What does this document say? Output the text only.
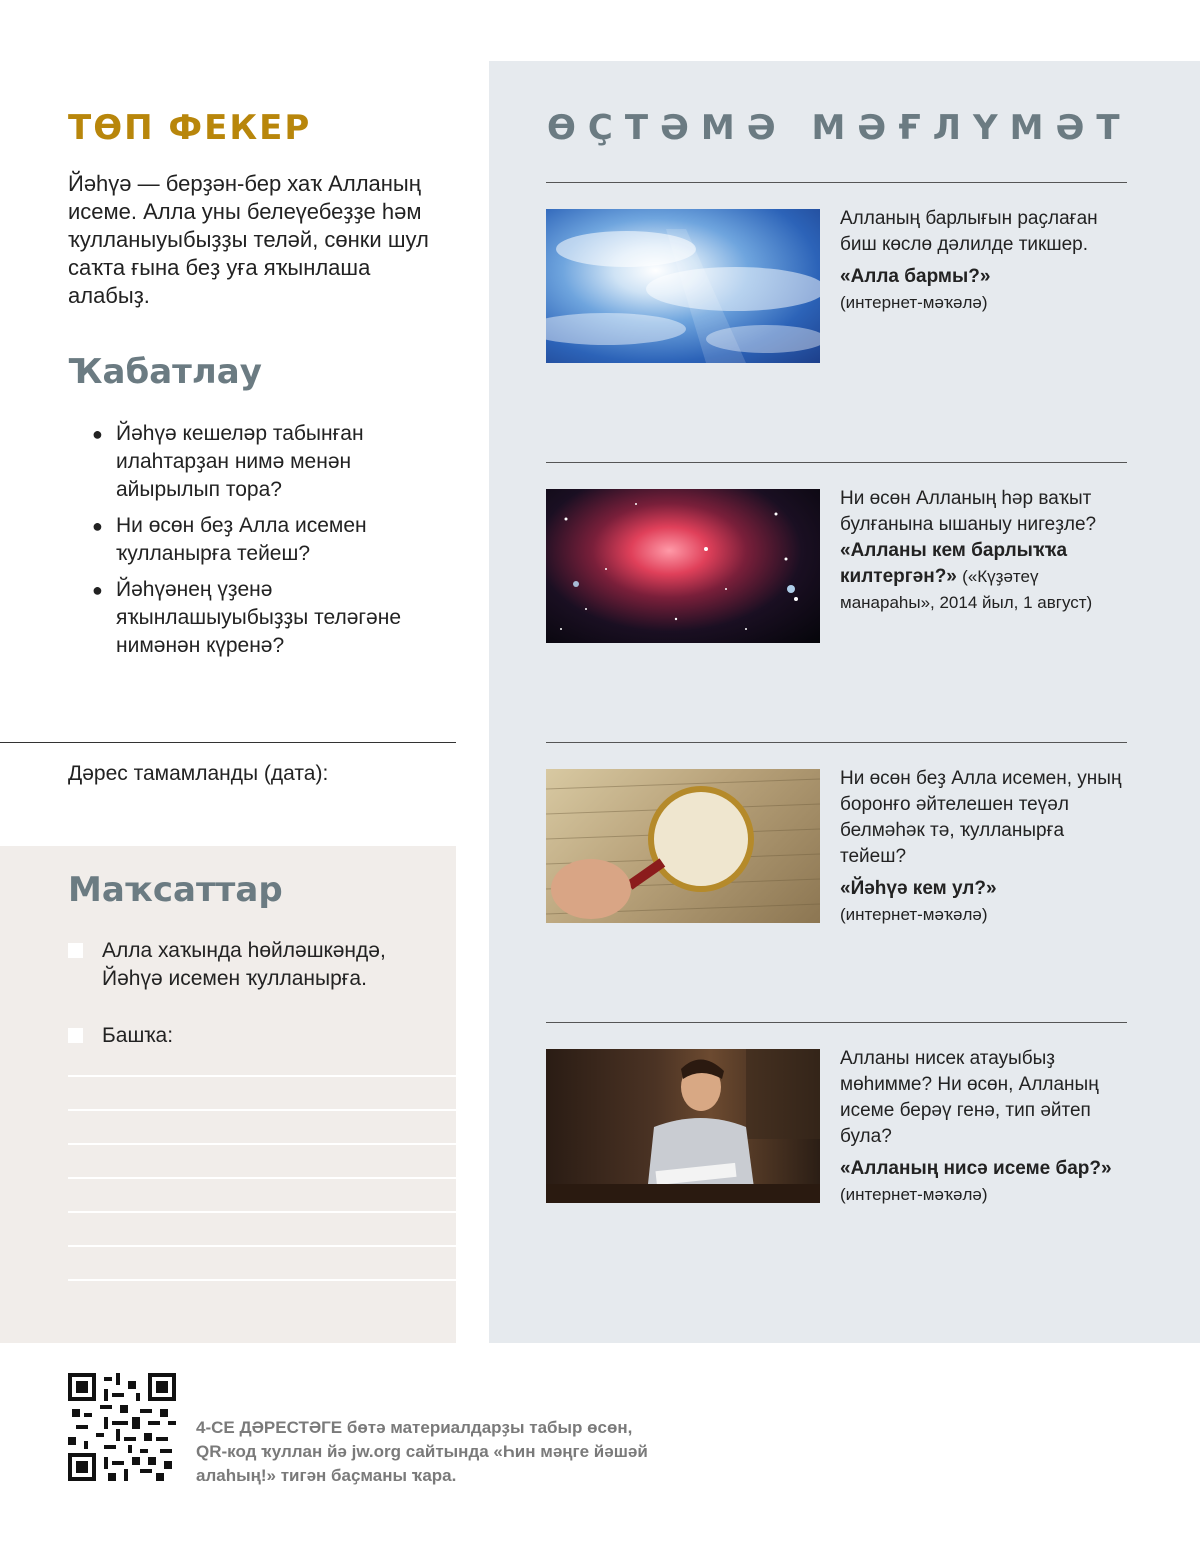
ТӨП ФЕКЕР

Йәһүә — берҙән-бер хаҡ Алланың исеме. Алла уны белеүебеҙҙе һәм ҡулланыуыбыҙҙы теләй, сөнки шул саҡта ғына беҙ уға яҡынлаша алабыҙ.

Ҡабатлау
● Йәһүә кешеләр табынған илаһтарҙан нимә менән айырылып тора?
● Ни өсөн беҙ Алла исемен ҡулланырға тейеш?
● Йәһүәнең үҙенә яҡынлашыуыбыҙҙы теләгәне нимәнән күренә?
Дәрес тамамланды (дата):
Маҡсаттар
Алла хаҡында һөйләшкәндә, Йәһүә исемен ҡулланырға.
Башҡа:
ӨҪТӘМӘ МӘҒЛҮМӘТ
Алланың барлығын раҫлаған биш көслө дәлилде тикшер.
«Алла бармы?»
(интернет-мәҡәлә)
Ни өсөн Алланың һәр ваҡыт булғанына ышаныу нигеҙле? «Алланы кем барлыҡҡа килтергән?» («Күҙәтеү манараһы», 2014 йыл, 1 август)
Ни өсөн беҙ Алла исемен, уның боронғо әйтелешен теүәл белмәһәк тә, ҡулланырға тейеш?
«Йәһүә кем ул?»
(интернет-мәҡәлә)
Алланы нисек атауыбыҙ мөһимме? Ни өсөн, Алланың исеме берәү генә, тип әйтеп була?
«Алланың нисә исеме бар?»
(интернет-мәҡәлә)

4-СЕ ДӘРЕСТӘГЕ бөтә материалдарҙы табыр өсөн, QR-код ҡуллан йә jw.org сайтында «Һин мәңге йәшәй алаһың!» тигән баҫманы ҡара.
